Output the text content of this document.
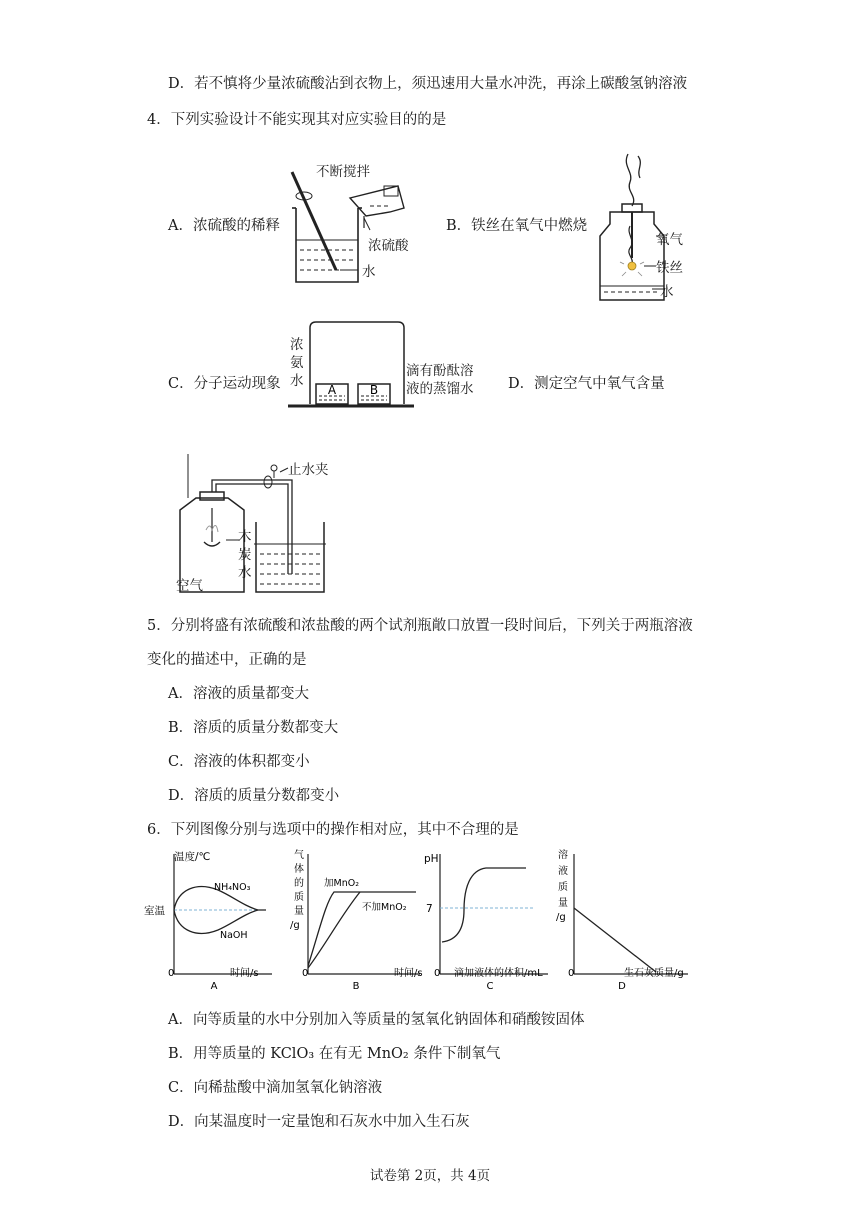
D．若不慎将少量浓硫酸沾到衣物上，须迅速用大量水冲洗，再涂上碳酸氢钠溶液
4．下列实验设计不能实现其对应实验目的的是
A．浓硫酸的稀释	B．铁丝在氧气中燃烧
C．分子运动现象	D．测定空气中氧气含量
不断搅拌
浓硫酸
水
氧气
铁丝
水
A	B
浓
氨
水
滴有酚酞溶
液的蒸馏水
止水夹
木
炭
水
空气
5．分别将盛有浓硫酸和浓盐酸的两个试剂瓶敞口放置一段时间后，下列关于两瓶溶液
变化的描述中，正确的是
A．溶液的质量都变大
B．溶质的质量分数都变大
C．溶液的体积都变小
D．溶质的质量分数都变小
6．下列图像分别与选项中的操作相对应，其中不合理的是
温度/℃
室温
NH₄NO₃
NaOH
0	时间/s
A
加MnO₂
不加MnO₂
气
体
的
质
量
/g
0	时间/s
B
pH
7
0 滴加液体的体积/mL
C
溶
液
质
量
/g
0	生石灰质量/g
D
A．向等质量的水中分别加入等质量的氢氧化钠固体和硝酸铵固体
B．用等质量的 KClO₃ 在有无 MnO₂ 条件下制氧气
C．向稀盐酸中滴加氢氧化钠溶液
D．向某温度时一定量饱和石灰水中加入生石灰
试卷第 2页，共 4页
